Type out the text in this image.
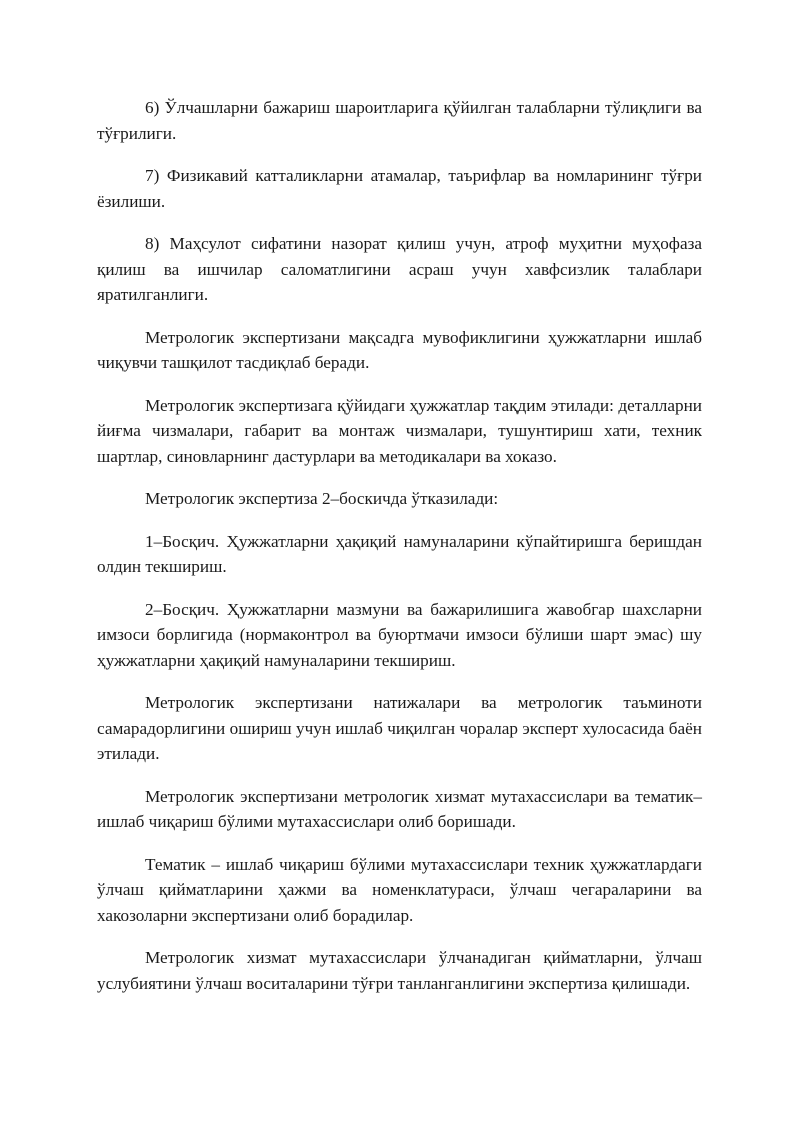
6) Ўлчашларни бажариш шароитларига қўйилган талабларни тўлиқлиги ва тўғрилиги.

7) Физикавий катталикларни атамалар, таърифлар ва номларининг тўғри ёзилиши.

8) Маҳсулот сифатини назорат қилиш учун, атроф муҳитни муҳофаза қилиш ва ишчилар саломатлигини асраш учун хавфсизлик талаблари яратилганлиги.

Метрологик экспертизани мақсадга мувофиклигини ҳужжатларни ишлаб чиқувчи ташқилот тасдиқлаб беради.

Метрологик экспертизага қўйидаги ҳужжатлар тақдим этилади: деталларни йиғма чизмалари, габарит ва монтаж чизмалари, тушунтириш хати, техник шартлар, синовларнинг дастурлари ва методикалари ва хоказо.

Метрологик экспертиза 2–боскичда ўтказилади:

1–Босқич. Ҳужжатларни ҳақиқий намуналарини кўпайтиришга беришдан олдин текшириш.

2–Босқич. Ҳужжатларни мазмуни ва бажарилишига жавобгар шахсларни имзоси борлигида (нормаконтрол ва буюртмачи имзоси бўлиши шарт эмас) шу ҳужжатларни ҳақиқий намуналарини текшириш.

Метрологик экспертизани натижалари ва метрологик таъминоти самарадорлигини ошириш учун ишлаб чиқилган чоралар эксперт хулосасида баён этилади.

Метрологик экспертизани метрологик хизмат мутахассислари ва тематик–ишлаб чиқариш бўлими мутахассислари олиб боришади.

Тематик – ишлаб чиқариш бўлими мутахассислари техник ҳужжатлардаги ўлчаш қийматларини ҳажми ва номенклатураси, ўлчаш чегараларини ва хакозоларни экспертизани олиб борадилар.

Метрологик хизмат мутахассислари ўлчанадиган қийматларни, ўлчаш услубиятини ўлчаш воситаларини тўғри танланганлигини экспертиза қилишади.
